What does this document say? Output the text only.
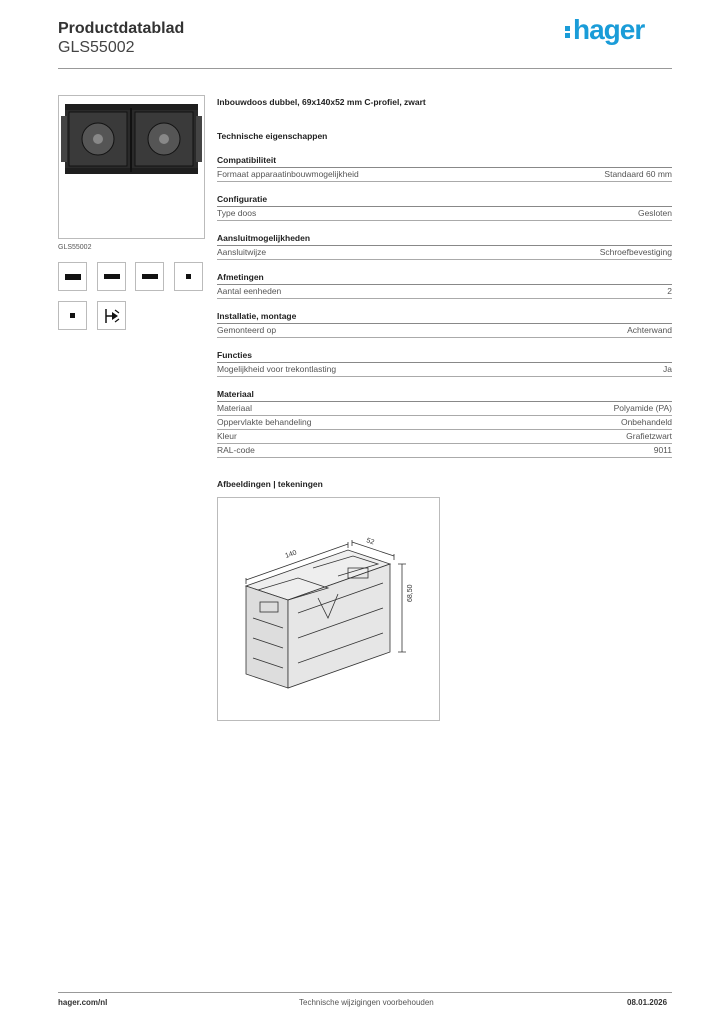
Productdatablad
GLS55002
hager
GLS55002
Inbouwdoos dubbel, 69x140x52 mm C-profiel, zwart
Technische eigenschappen
Compatibiliteit
Formaat apparaatinbouwmogelijkheid	Standaard 60 mm
Configuratie
Type doos	Gesloten
Aansluitmogelijkheden
Aansluitwijze	Schroefbevestiging
Afmetingen
Aantal eenheden	2
Installatie, montage
Gemonteerd op	Achterwand
Functies
Mogelijkheid voor trekontlasting	Ja
Materiaal
Materiaal	Polyamide (PA)
Oppervlakte behandeling	Onbehandeld
Kleur	Grafietzwart
RAL-code	9011
Afbeeldingen | tekeningen
140
52
68,50
hager.com/nl	Technische wijzigingen voorbehouden	08.01.2026
